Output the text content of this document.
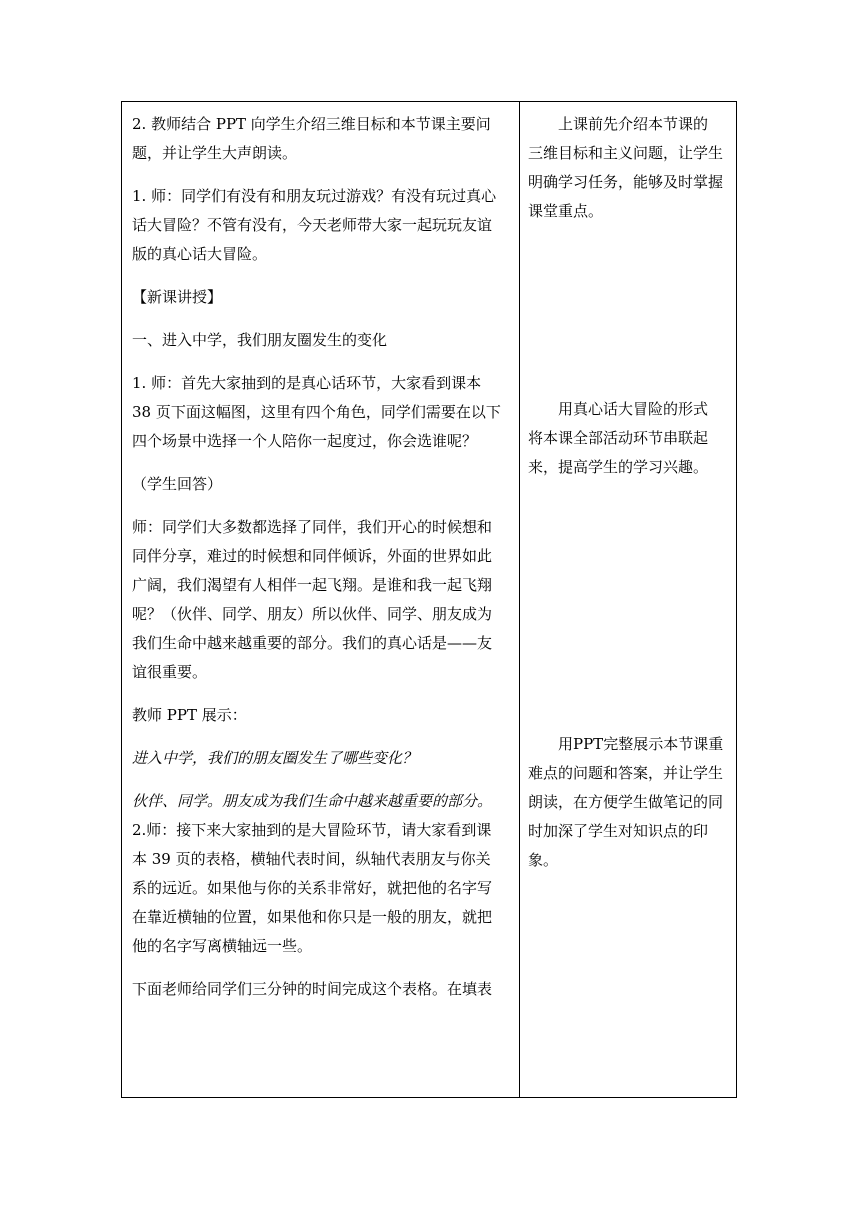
2. 教师结合 PPT 向学生介绍三维目标和本节课主要问

题，并让学生大声朗读。

1. 师：同学们有没有和朋友玩过游戏？有没有玩过真心

话大冒险？不管有没有，今天老师带大家一起玩玩友谊

版的真心话大冒险。

【新课讲授】

一、进入中学，我们朋友圈发生的变化

1. 师：首先大家抽到的是真心话环节，大家看到课本

38 页下面这幅图，这里有四个角色，同学们需要在以下

四个场景中选择一个人陪你一起度过，你会选谁呢？

（学生回答）

师：同学们大多数都选择了同伴，我们开心的时候想和

同伴分享，难过的时候想和同伴倾诉，外面的世界如此

广阔，我们渴望有人相伴一起飞翔。是谁和我一起飞翔

呢？（伙伴、同学、朋友）所以伙伴、同学、朋友成为

我们生命中越来越重要的部分。我们的真心话是——友

谊很重要。

教师 PPT 展示：

进入中学，我们的朋友圈发生了哪些变化？

伙伴、同学。朋友成为我们生命中越来越重要的部分。

2.师：接下来大家抽到的是大冒险环节，请大家看到课

本 39 页的表格，横轴代表时间，纵轴代表朋友与你关

系的远近。如果他与你的关系非常好，就把他的名字写

在靠近横轴的位置，如果他和你只是一般的朋友，就把

他的名字写离横轴远一些。

下面老师给同学们三分钟的时间完成这个表格。在填表

上课前先介绍本节课的

三维目标和主义问题，让学生

明确学习任务，能够及时掌握

课堂重点。

用真心话大冒险的形式

将本课全部活动环节串联起

来，提高学生的学习兴趣。

用PPT完整展示本节课重

难点的问题和答案，并让学生

朗读，在方便学生做笔记的同

时加深了学生对知识点的印

象。
